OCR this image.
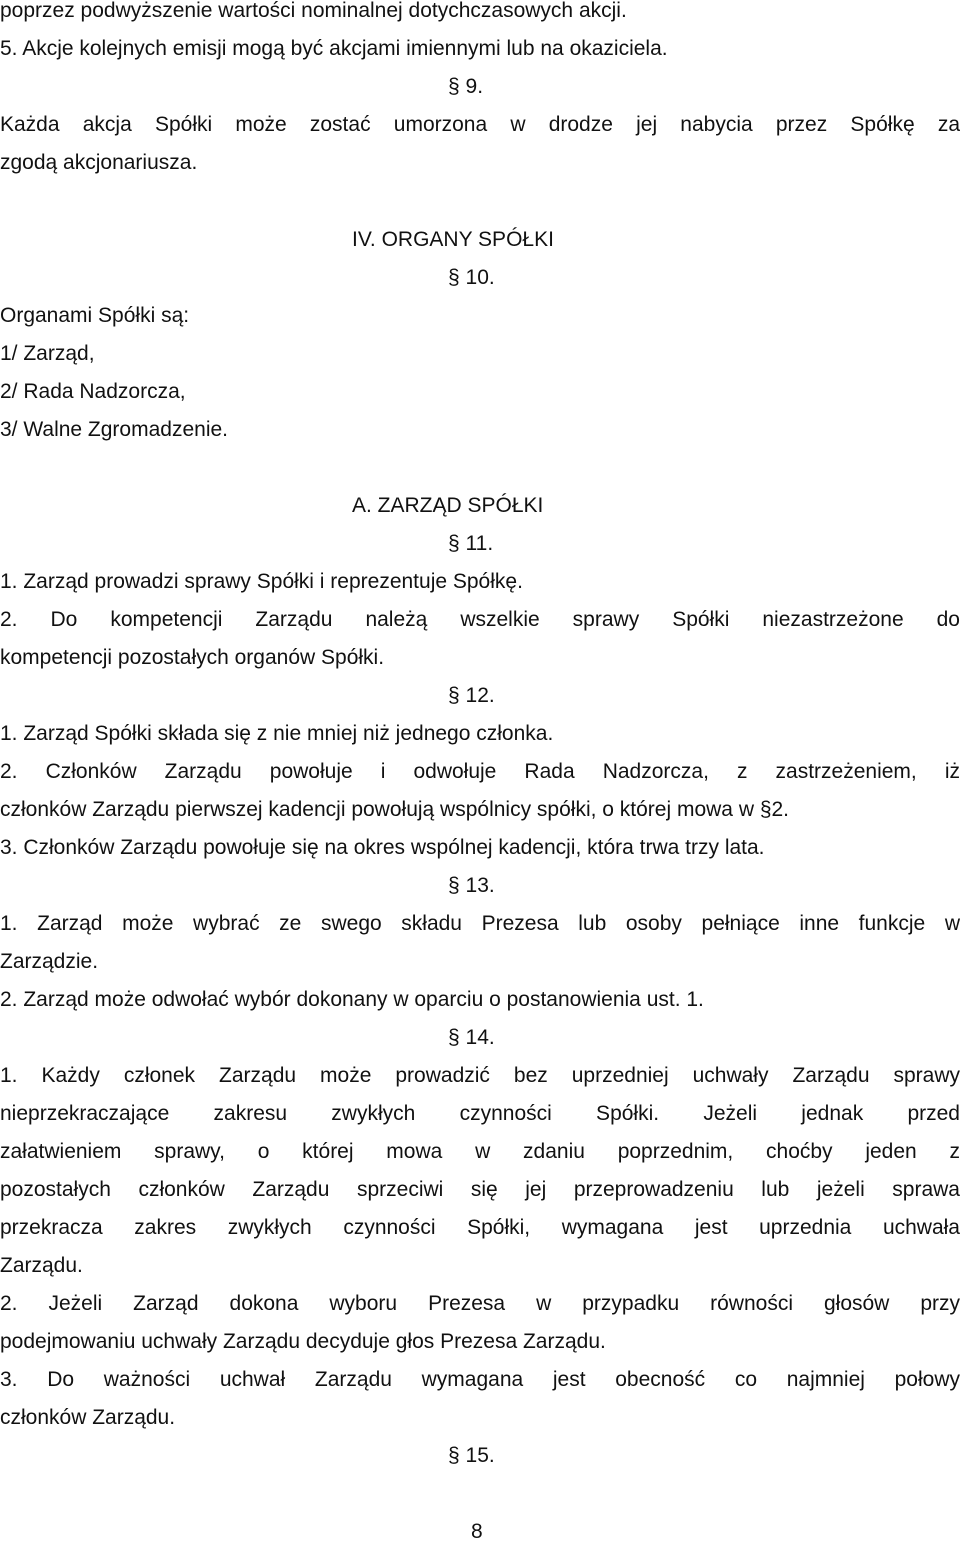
poprzez podwyższenie wartości nominalnej dotychczasowych akcji.
5. Akcje kolejnych emisji mogą być akcjami imiennymi lub na okaziciela.
§ 9.
Każda akcja Spółki może zostać umorzona w drodze jej nabycia przez Spółkę za
zgodą akcjonariusza.
IV. ORGANY SPÓŁKI
§ 10.
Organami Spółki są:
1/ Zarząd,
2/ Rada Nadzorcza,
3/ Walne Zgromadzenie.
A. ZARZĄD SPÓŁKI
§ 11.
1. Zarząd prowadzi sprawy Spółki i reprezentuje Spółkę.
2. Do kompetencji Zarządu należą wszelkie sprawy Spółki niezastrzeżone do
kompetencji pozostałych organów Spółki.
§ 12.
1. Zarząd Spółki składa się z nie mniej niż jednego członka.
2. Członków Zarządu powołuje i odwołuje Rada Nadzorcza, z zastrzeżeniem, iż
członków Zarządu pierwszej kadencji powołują wspólnicy spółki, o której mowa w §2.
3. Członków Zarządu powołuje się na okres wspólnej kadencji, która trwa trzy lata.
§ 13.
1. Zarząd może wybrać ze swego składu Prezesa lub osoby pełniące inne funkcje w
Zarządzie.
2. Zarząd może odwołać wybór dokonany w oparciu o postanowienia ust. 1.
§ 14.
1. Każdy członek Zarządu może prowadzić bez uprzedniej uchwały Zarządu sprawy
nieprzekraczające zakresu zwykłych czynności Spółki. Jeżeli jednak przed
załatwieniem sprawy, o której mowa w zdaniu poprzednim, choćby jeden z
pozostałych członków Zarządu sprzeciwi się jej przeprowadzeniu lub jeżeli sprawa
przekracza zakres zwykłych czynności Spółki, wymagana jest uprzednia uchwała
Zarządu.
2. Jeżeli Zarząd dokona wyboru Prezesa w przypadku równości głosów przy
podejmowaniu uchwały Zarządu decyduje głos Prezesa Zarządu.
3. Do ważności uchwał Zarządu wymagana jest obecność co najmniej połowy
członków Zarządu.
§ 15.
8
